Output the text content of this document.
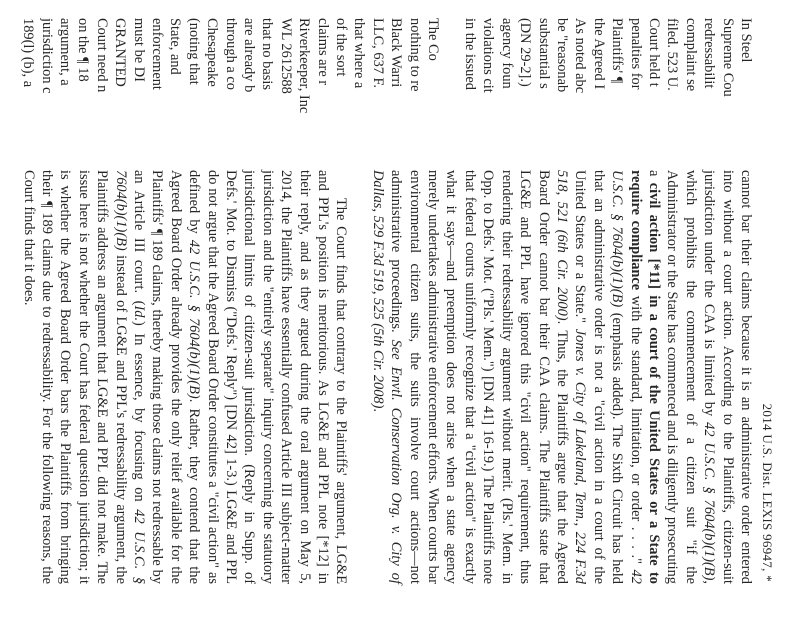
2014 U.S. Dist. LEXIS 96947, *

cannot bar their claims because it is an administrative order entered into without a court action. According to the Plaintiffs, citizen-suit jurisdiction under the CAA is limited by 42 U.S.C. § 7604(b)(1)(B), which prohibits the commencement of a citizen suit "if the Administrator or the State has commenced and is diligently prosecuting a civil action [*11] in a court of the United States or a State to require compliance with the standard, limitation, or order . . . ." 42 U.S.C. § 7604(b)(1)(B) (emphasis added). The Sixth Circuit has held that an administrative order is not a "civil action in a court of the United States or a State." Jones v. City of Lakeland, Tenn., 224 F.3d 518, 521 (6th Cir. 2000). Thus, the Plaintiffs argue that the Agreed Board Order cannot bar their CAA claims. The Plaintiffs state that LG&E and PPL have ignored this "civil action" requirement, thus rendering their redressability argument without merit. (Pls.' Mem. in Opp. to Defs.' Mot. ("Pls.' Mem.") [DN 41] 16-19.) The Plaintiffs note that federal courts uniformly recognize that a "civil action" is exactly what it says—and preemption does not arise when a state agency merely undertakes administrative enforcement efforts. When courts bar environmental citizen suits, the suits involve court actions—not administrative proceedings. See Envtl. Conservation Org. v. City of Dallas, 529 F.3d 519, 525 (5th Cir. 2008).

The Court finds that contrary to the Plaintiffs' argument, LG&E and PPL's position is meritorious. As LG&E and PPL note [*12] in their reply, and as they argued during the oral argument on May 5, 2014, the Plaintiffs have essentially confused Article III subject-matter jurisdiction and the "entirely separate" inquiry concerning the statutory jurisdictional limits of citizen-suit jurisdiction. (Reply in Supp. of Defs.' Mot. to Dismiss ("Defs.' Reply") [DN 42] 1-3.) LG&E and PPL do not argue that the Agreed Board Order constitutes a "civil action" as defined by 42 U.S.C. § 7604(b)(1)(B). Rather, they contend that the Agreed Board Order already provides the only relief available for the Plaintiffs' ¶ 189 claims, thereby making those claims not redressable by an Article III court. (Id.) In essence, by focusing on 42 U.S.C. § 7604(b)(1)(B) instead of LG&E and PPL's redressability argument, the Plaintiffs address an argument that LG&E and PPL did not make. The issue here is not whether the Court has federal question jurisdiction; it is whether the Agreed Board Order bars the Plaintiffs from bringing their ¶ 189 claims due to redressability. For the following reasons, the Court finds that it does.

In Steel
Supreme Cou
redressabilit
complaint se
filed. 523 U.
Court held t
penalties for
Plaintiffs' ¶
the Agreed I
As noted abc
be "reasonab
substantial s
(DN 29-2].)
agency foun
violations cit
in the issued

The Co
nothing to re
Black Warri
LLC, 637 F.
that where a
of the sort
claims are r
Riverkeeper, Inc
WL 2612588
that no basis
are already b
through a co
Chesapeake
(noting that
State, and
enforcement
must be DI
GRANTED
Court need n
on the ¶ 18
argument, a
jurisdiction c
189(l) (b), a
